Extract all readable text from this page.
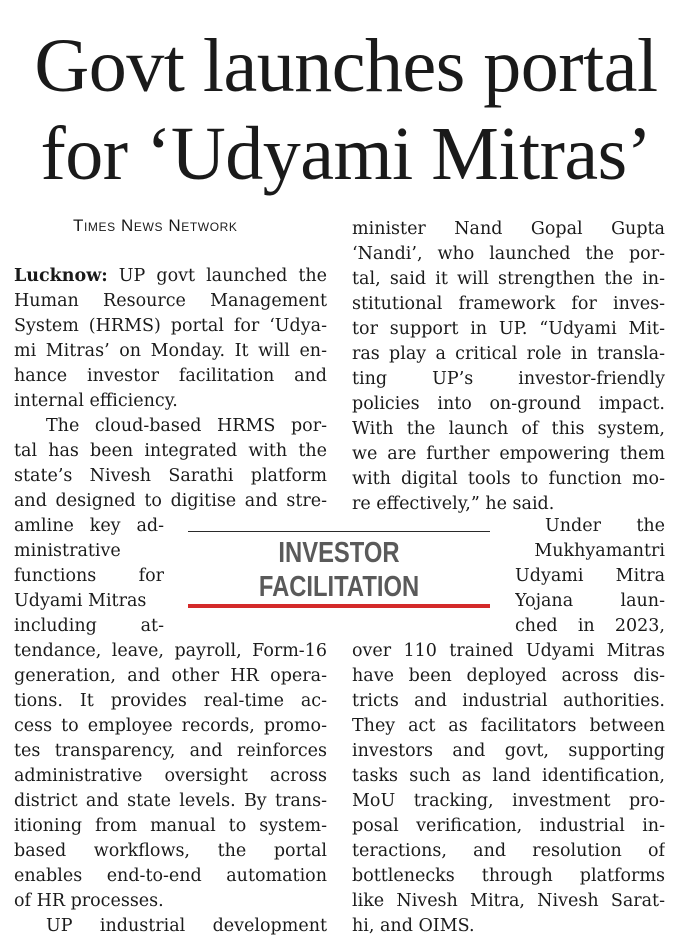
Govt launches portal
for ‘Udyami Mitras’
Times News Network
Lucknow: UP govt launched the
Human Resource Management
System (HRMS) portal for ‘Udya-
mi Mitras’ on Monday. It will en-
hance investor facilitation and
internal efficiency.
The cloud-based HRMS por-
tal has been integrated with the
state’s Nivesh Sarathi platform
and designed to digitise and stre-
amline key ad-
ministrative
functions for
Udyami Mitras
including at-
tendance, leave, payroll, Form-16
generation, and other HR opera-
tions. It provides real-time ac-
cess to employee records, promo-
tes transparency, and reinforces
administrative oversight across
district and state levels. By trans-
itioning from manual to system-
based workflows, the portal
enables end-to-end automation
of HR processes.
UP industrial development
minister Nand Gopal Gupta
‘Nandi’, who launched the por-
tal, said it will strengthen the in-
stitutional framework for inves-
tor support in UP. “Udyami Mit-
ras play a critical role in transla-
ting UP’s investor-friendly
policies into on-ground impact.
With the launch of this system,
we are further empowering them
with digital tools to function mo-
re effectively,” he said.
Under the
Mukhyamantri
Udyami Mitra
Yojana laun-
ched in 2023,
over 110 trained Udyami Mitras
have been deployed across dis-
tricts and industrial authorities.
They act as facilitators between
investors and govt, supporting
tasks such as land identification,
MoU tracking, investment pro-
posal verification, industrial in-
teractions, and resolution of
bottlenecks through platforms
like Nivesh Mitra, Nivesh Sarat-
hi, and OIMS.
INVESTOR
FACILITATION
